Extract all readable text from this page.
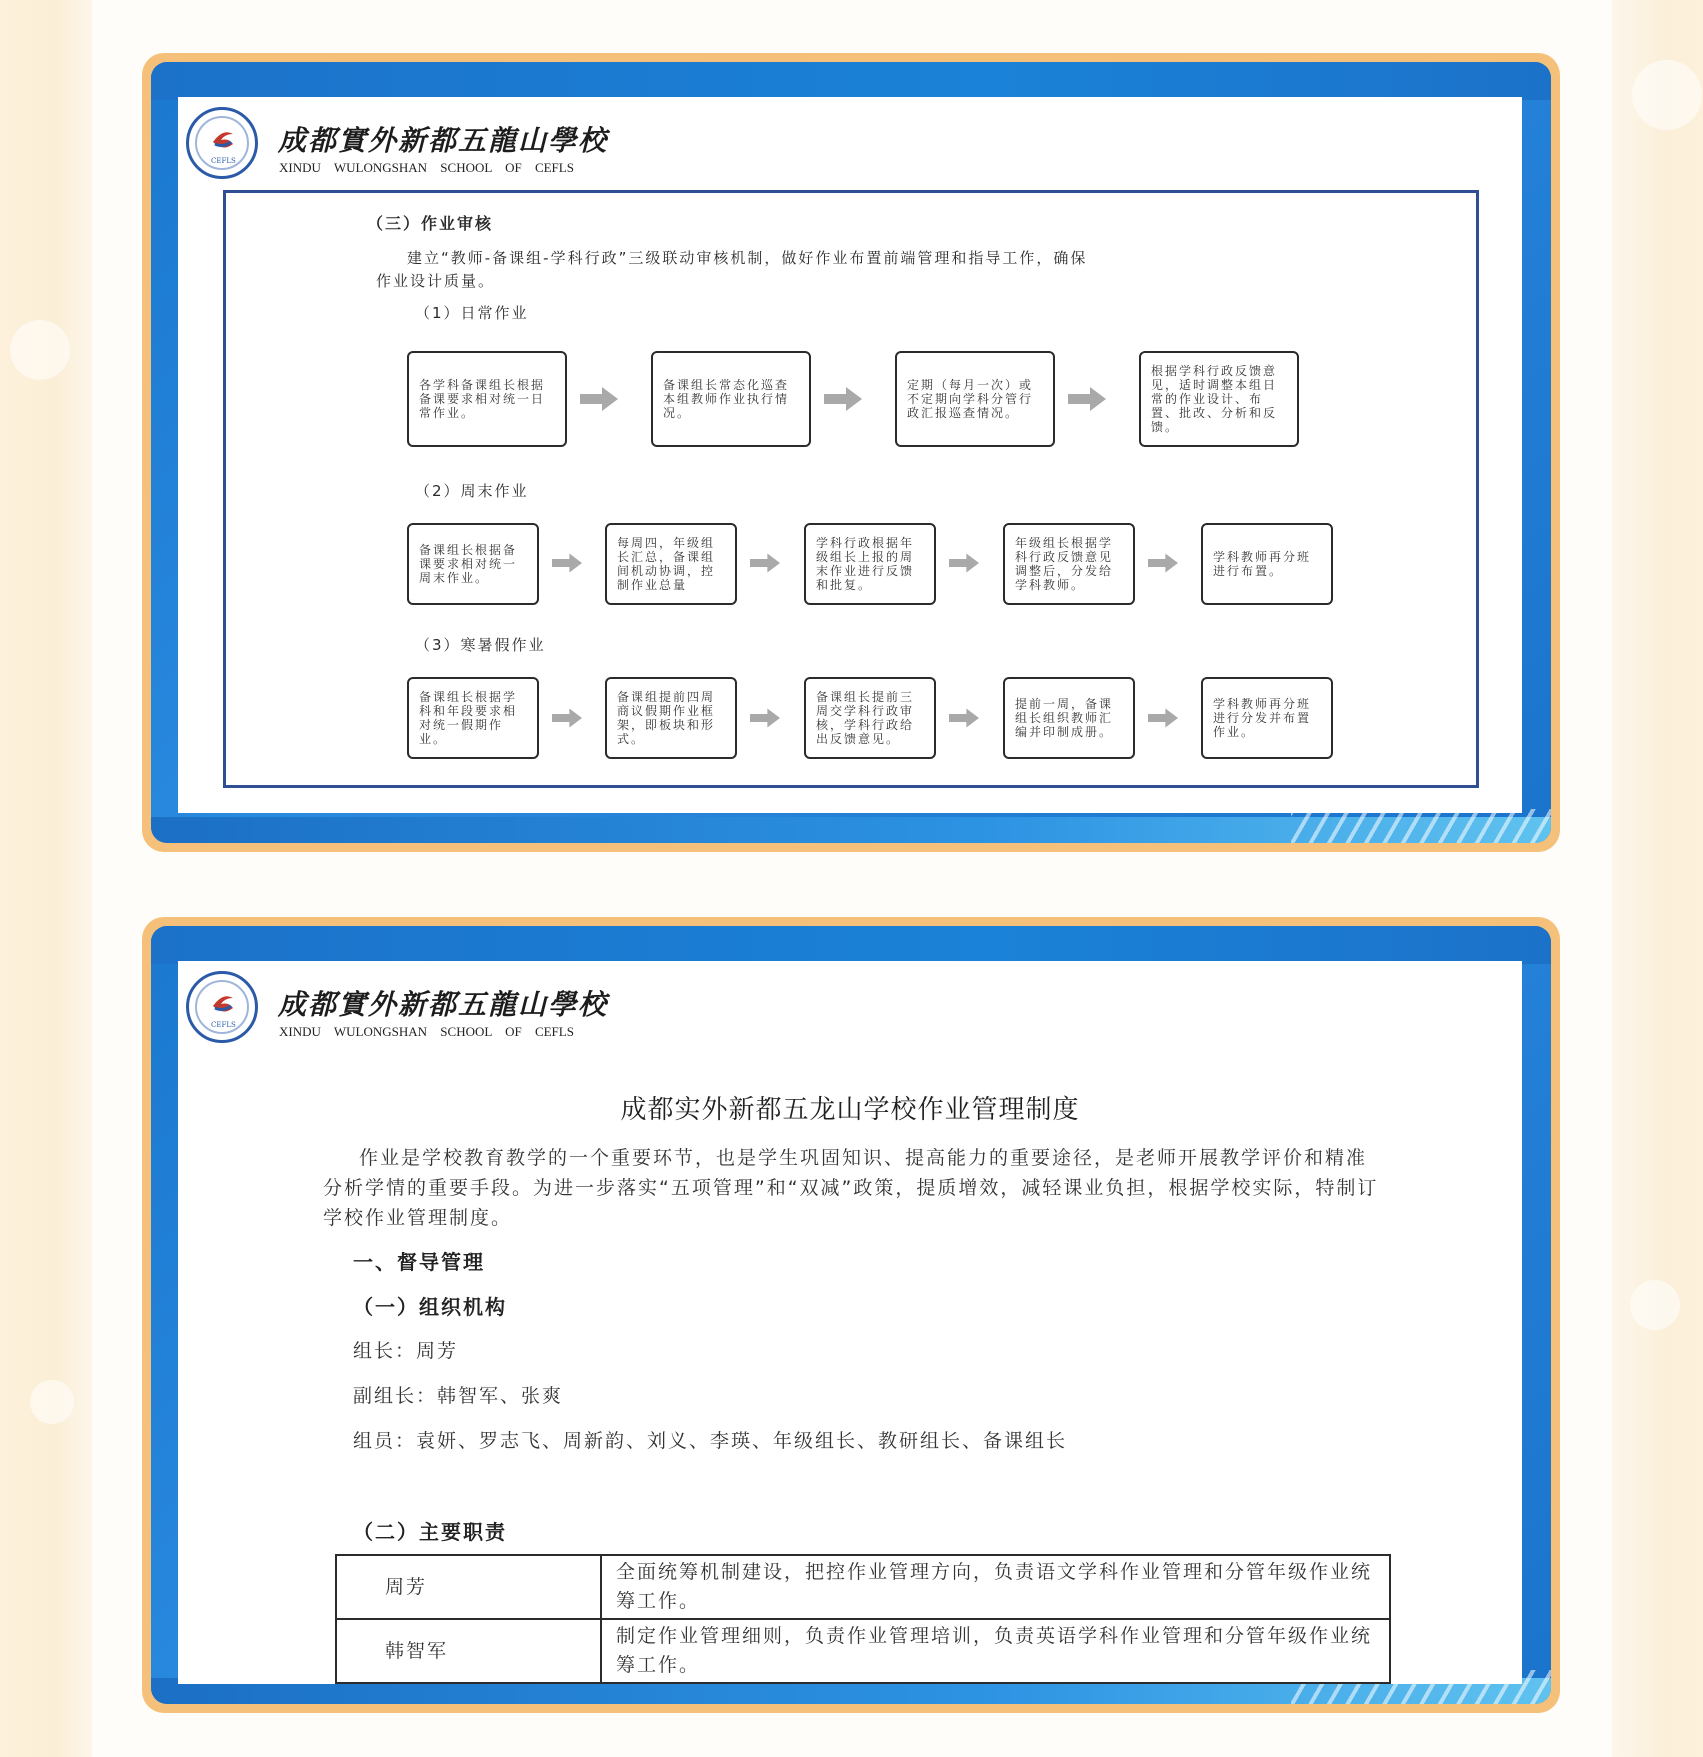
CEFLS
成都實外新都五龍山學校
XINDU WULONGSHAN SCHOOL OF CEFLS
（三）作业审核
建立“教师-备课组-学科行政”三级联动审核机制，做好作业布置前端管理和指导工作，确保
作业设计质量。
（1）日常作业
各学科备课组长根据备课要求相对统一日常作业。
备课组长常态化巡查本组教师作业执行情况。
定期（每月一次）或不定期向学科分管行政汇报巡查情况。
根据学科行政反馈意见，适时调整本组日常的作业设计、布置、批改、分析和反馈。
（2）周末作业
备课组长根据备课要求相对统一周末作业。
每周四，年级组长汇总，备课组间机动协调，控制作业总量
学科行政根据年级组长上报的周末作业进行反馈和批复。
年级组长根据学科行政反馈意见调整后，分发给学科教师。
学科教师再分班进行布置。
（3）寒暑假作业
备课组长根据学科和年段要求相对统一假期作业。
备课组提前四周商议假期作业框架，即板块和形式。
备课组长提前三周交学科行政审核，学科行政给出反馈意见。
提前一周，备课组长组织教师汇编并印制成册。
学科教师再分班进行分发并布置作业。
CEFLS
成都實外新都五龍山學校
XINDU WULONGSHAN SCHOOL OF CEFLS
成都实外新都五龙山学校作业管理制度
作业是学校教育教学的一个重要环节，也是学生巩固知识、提高能力的重要途径，是老师开展教学评价和精准分析学情的重要手段。为进一步落实“五项管理”和“双减”政策，提质增效，减轻课业负担，根据学校实际，特制订学校作业管理制度。
一、督导管理
（一）组织机构
组长：周芳
副组长：韩智军、张爽
组员：袁妍、罗志飞、周新韵、刘义、李瑛、年级组长、教研组长、备课组长
（二）主要职责
周芳	全面统筹机制建设，把控作业管理方向，负责语文学科作业管理和分管年级作业统筹工作。
韩智军	制定作业管理细则，负责作业管理培训，负责英语学科作业管理和分管年级作业统筹工作。
